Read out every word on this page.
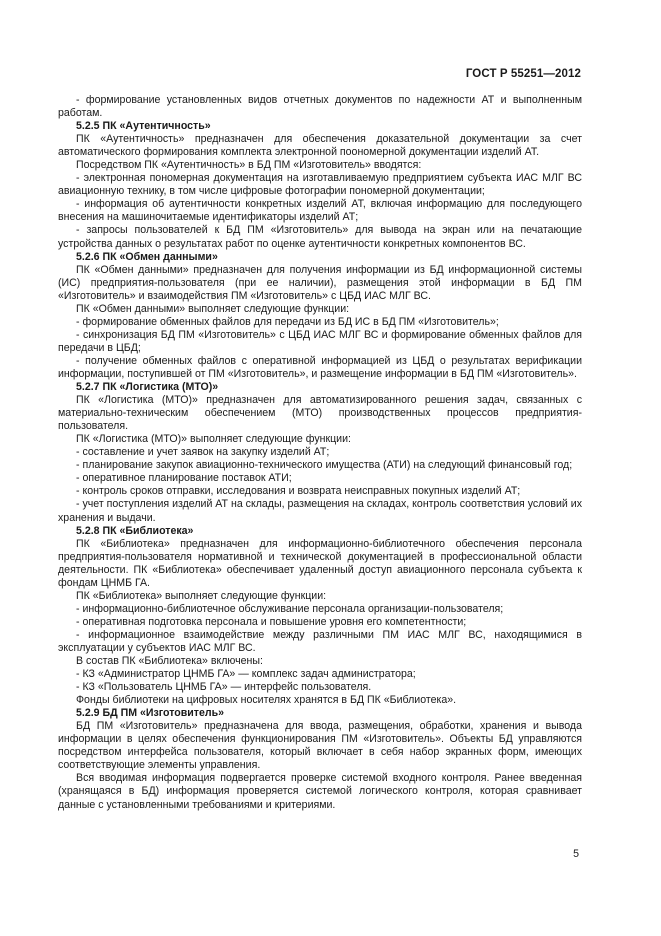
ГОСТ Р 55251—2012

- формирование установленных видов отчетных документов по надежности АТ и выполненным работам.

5.2.5 ПК «Аутентичность»

ПК «Аутентичность» предназначен для обеспечения доказательной документации за счет автоматического формирования комплекта электронной поономерной документации изделий АТ.

Посредством ПК «Аутентичность» в БД ПМ «Изготовитель» вводятся:

- электронная пономерная документация на изготавливаемую предприятием субъекта ИАС МЛГ ВС авиационную технику, в том числе цифровые фотографии пономерной документации;

- информация об аутентичности конкретных изделий АТ, включая информацию для последующего внесения на машиночитаемые идентификаторы изделий АТ;

- запросы пользователей к БД ПМ «Изготовитель» для вывода на экран или на печатающие устройства данных о результатах работ по оценке аутентичности конкретных компонентов ВС.

5.2.6 ПК «Обмен данными»

ПК «Обмен данными» предназначен для получения информации из БД информационной системы (ИС) предприятия-пользователя (при ее наличии), размещения этой информации в БД ПМ «Изготовитель» и взаимодействия ПМ «Изготовитель» с ЦБД ИАС МЛГ ВС.

ПК «Обмен данными» выполняет следующие функции:

- формирование обменных файлов для передачи из БД ИС в БД ПМ «Изготовитель»;

- синхронизация БД ПМ «Изготовитель» с ЦБД ИАС МЛГ ВС и формирование обменных файлов для передачи в ЦБД;

- получение обменных файлов с оперативной информацией из ЦБД о результатах верификации информации, поступившей от ПМ «Изготовитель», и размещение информации в БД ПМ «Изготовитель».

5.2.7 ПК «Логистика (МТО)»

ПК «Логистика (МТО)» предназначен для автоматизированного решения задач, связанных с материально-техническим обеспечением (МТО) производственных процессов предприятия-пользователя.

ПК «Логистика (МТО)» выполняет следующие функции:

- составление и учет заявок на закупку изделий АТ;

- планирование закупок авиационно-технического имущества (АТИ) на следующий финансовый год;

- оперативное планирование поставок АТИ;

- контроль сроков отправки, исследования и возврата неисправных покупных изделий АТ;

- учет поступления изделий АТ на склады, размещения на складах, контроль соответствия условий их хранения и выдачи.

5.2.8 ПК «Библиотека»

ПК «Библиотека» предназначен для информационно-библиотечного обеспечения персонала предприятия-пользователя нормативной и технической документацией в профессиональной области деятельности. ПК «Библиотека» обеспечивает удаленный доступ авиационного персонала субъекта к фондам ЦНМБ ГА.

ПК «Библиотека» выполняет следующие функции:

- информационно-библиотечное обслуживание персонала организации-пользователя;

- оперативная подготовка персонала и повышение уровня его компетентности;

- информационное взаимодействие между различными ПМ ИАС МЛГ ВС, находящимися в эксплуатации у субъектов ИАС МЛГ ВС.

В состав ПК «Библиотека» включены:

- КЗ «Администратор ЦНМБ ГА» — комплекс задач администратора;

- КЗ «Пользователь ЦНМБ ГА» — интерфейс пользователя.

Фонды библиотеки на цифровых носителях хранятся в БД ПК «Библиотека».

5.2.9 БД ПМ «Изготовитель»

БД ПМ «Изготовитель» предназначена для ввода, размещения, обработки, хранения и вывода информации в целях обеспечения функционирования ПМ «Изготовитель». Объекты БД управляются посредством интерфейса пользователя, который включает в себя набор экранных форм, имеющих соответствующие элементы управления.

Вся вводимая информация подвергается проверке системой входного контроля. Ранее введенная (хранящаяся в БД) информация проверяется системой логического контроля, которая сравнивает данные с установленными требованиями и критериями.

5
